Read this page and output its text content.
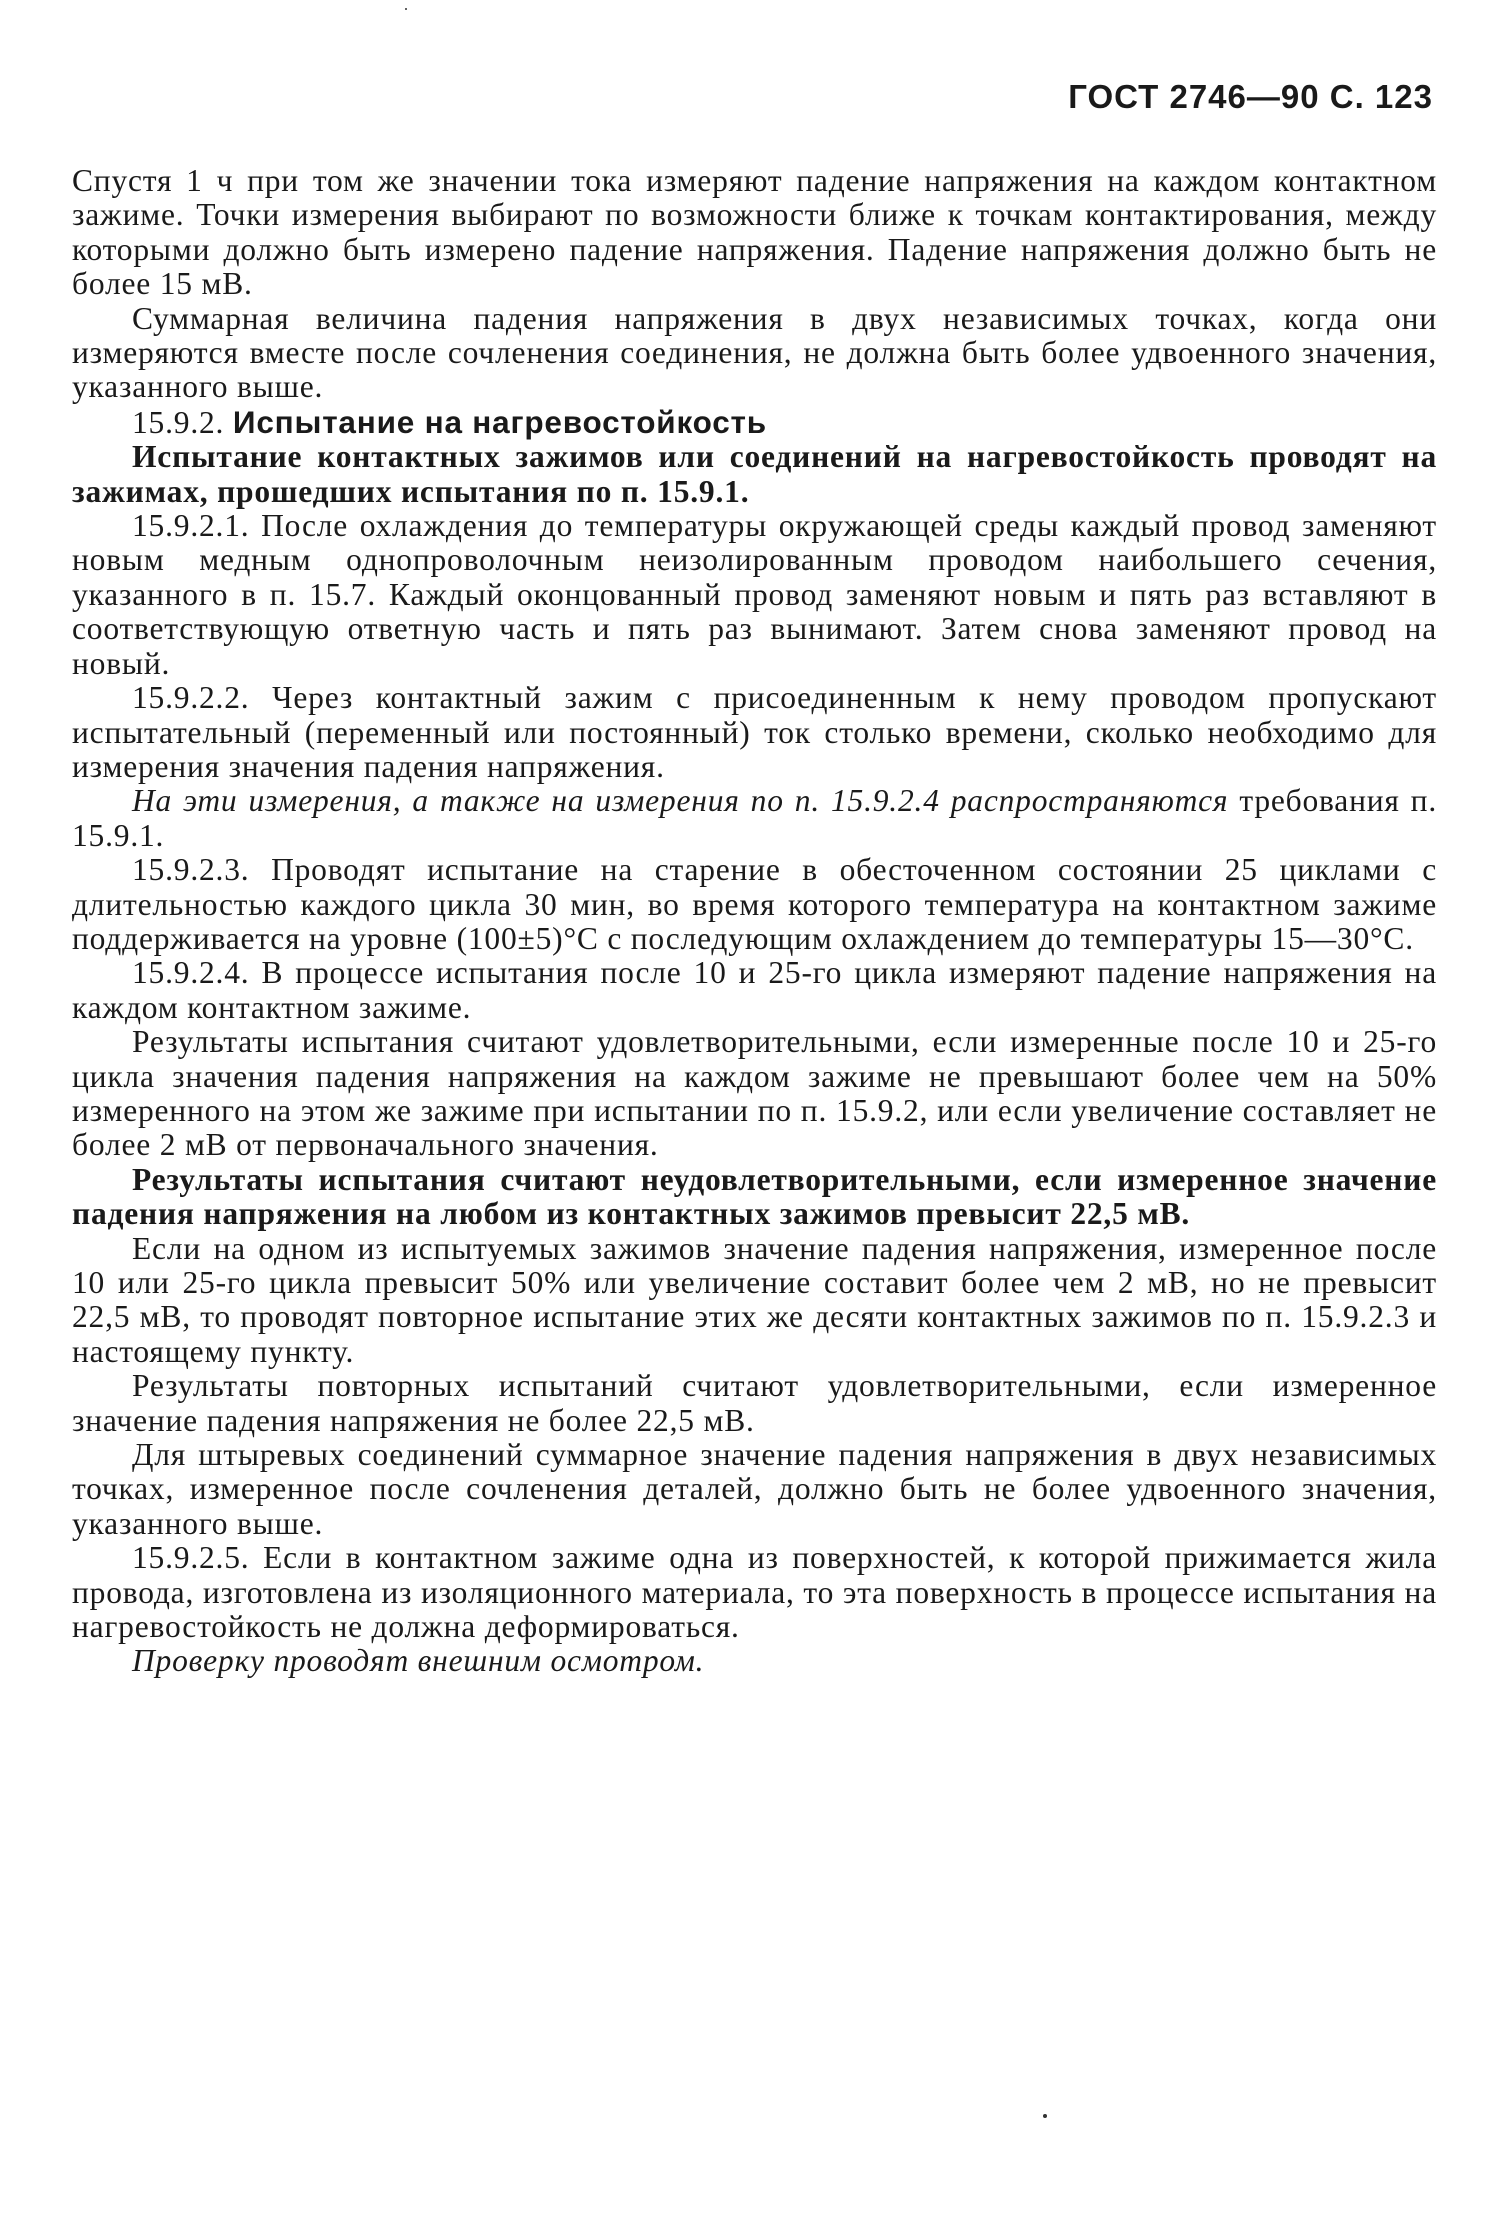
ГОСТ 2746—90 С. 123

Спустя 1 ч при том же значении тока измеряют падение напряжения на каждом контактном зажиме. Точки измерения выбирают по возможности ближе к точкам контактирования, между которыми должно быть измерено падение напряжения. Падение напряжения должно быть не более 15 мВ.

Суммарная величина падения напряжения в двух независимых точках, когда они измеряются вместе после сочленения соединения, не должна быть более удвоенного значения, указанного выше.

15.9.2. Испытание на нагревостойкость

Испытание контактных зажимов или соединений на нагревостойкость проводят на зажимах, прошедших испытания по п. 15.9.1.

15.9.2.1. После охлаждения до температуры окружающей среды каждый провод заменяют новым медным однопроволочным неизолированным проводом наибольшего сечения, указанного в п. 15.7. Каждый оконцованный провод заменяют новым и пять раз вставляют в соответствующую ответную часть и пять раз вынимают. Затем снова заменяют провод на новый.

15.9.2.2. Через контактный зажим с присоединенным к нему проводом пропускают испытательный (переменный или постоянный) ток столько времени, сколько необходимо для измерения значения падения напряжения.

На эти измерения, а также на измерения по п. 15.9.2.4 распространяются требования п. 15.9.1.

15.9.2.3. Проводят испытание на старение в обесточенном состоянии 25 циклами с длительностью каждого цикла 30 мин, во время которого температура на контактном зажиме поддерживается на уровне (100±5)°С с последующим охлаждением до температуры 15—30°С.

15.9.2.4. В процессе испытания после 10 и 25-го цикла измеряют падение напряжения на каждом контактном зажиме.

Результаты испытания считают удовлетворительными, если измеренные после 10 и 25-го цикла значения падения напряжения на каждом зажиме не превышают более чем на 50% измеренного на этом же зажиме при испытании по п. 15.9.2, или если увеличение составляет не более 2 мВ от первоначального значения.

Результаты испытания считают неудовлетворительными, если измеренное значение падения напряжения на любом из контактных зажимов превысит 22,5 мВ.

Если на одном из испытуемых зажимов значение падения напряжения, измеренное после 10 или 25-го цикла превысит 50% или увеличение составит более чем 2 мВ, но не превысит 22,5 мВ, то проводят повторное испытание этих же десяти контактных зажимов по п. 15.9.2.3 и настоящему пункту.

Результаты повторных испытаний считают удовлетворительными, если измеренное значение падения напряжения не более 22,5 мВ.

Для штыревых соединений суммарное значение падения напряжения в двух независимых точках, измеренное после сочленения деталей, должно быть не более удвоенного значения, указанного выше.

15.9.2.5. Если в контактном зажиме одна из поверхностей, к которой прижимается жила провода, изготовлена из изоляционного материала, то эта поверхность в процессе испытания на нагревостойкость не должна деформироваться.

Проверку проводят внешним осмотром.
